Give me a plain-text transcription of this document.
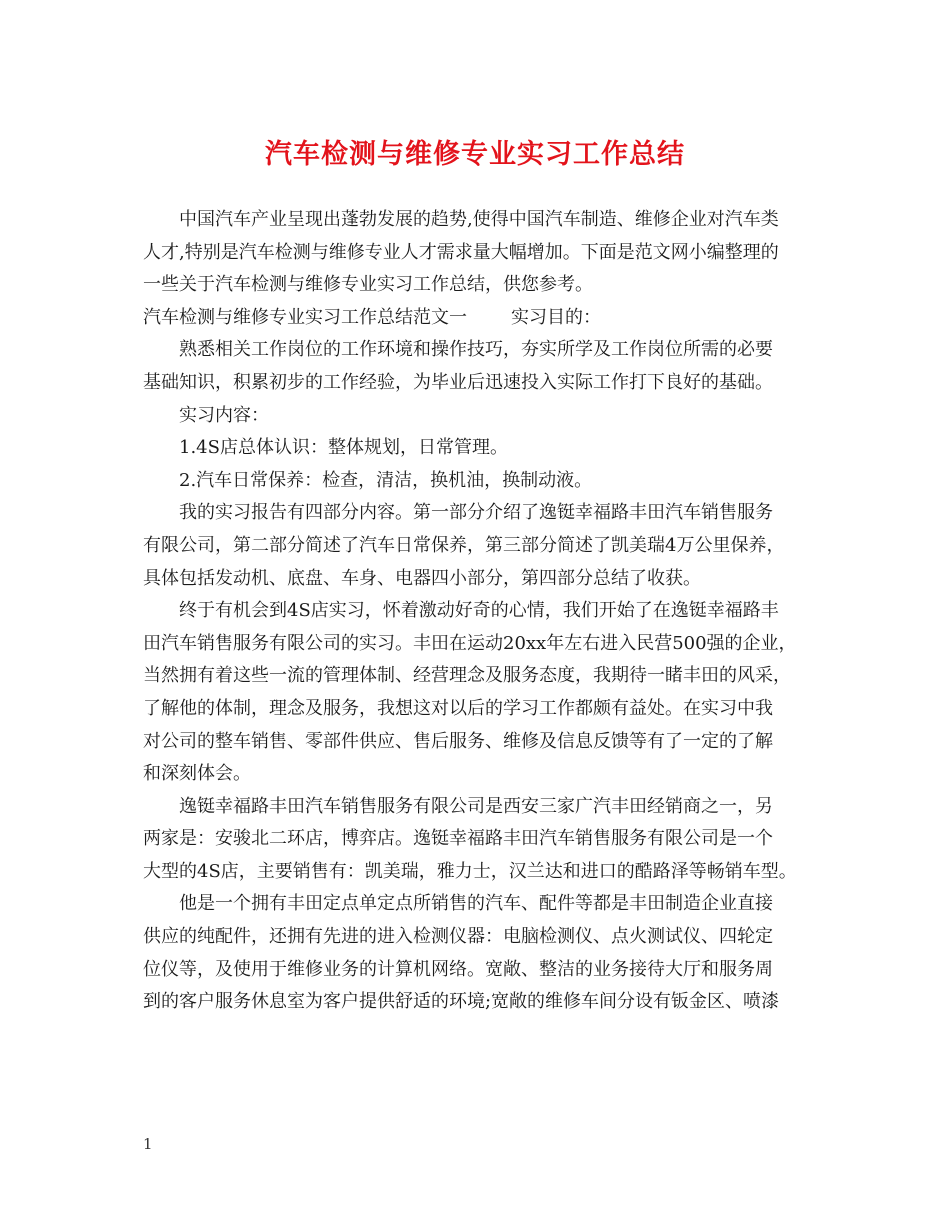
汽车检测与维修专业实习工作总结
中国汽车产业呈现出蓬勃发展的趋势,使得中国汽车制造、维修企业对汽车类
人才,特别是汽车检测与维修专业人才需求量大幅增加。下面是范文网小编整理的
一些关于汽车检测与维修专业实习工作总结，供您参考。
汽车检测与维修专业实习工作总结范文一 实习目的：
熟悉相关工作岗位的工作环境和操作技巧，夯实所学及工作岗位所需的必要
基础知识，积累初步的工作经验，为毕业后迅速投入实际工作打下良好的基础。
实习内容：
1.4S店总体认识：整体规划，日常管理。
2.汽车日常保养：检查，清洁，换机油，换制动液。
我的实习报告有四部分内容。第一部分介绍了逸铤幸福路丰田汽车销售服务
有限公司，第二部分简述了汽车日常保养，第三部分简述了凯美瑞4万公里保养，
具体包括发动机、底盘、车身、电器四小部分，第四部分总结了收获。
终于有机会到4S店实习，怀着激动好奇的心情，我们开始了在逸铤幸福路丰
田汽车销售服务有限公司的实习。丰田在运动20xx年左右进入民营500强的企业，
当然拥有着这些一流的管理体制、经营理念及服务态度，我期待一睹丰田的风采，
了解他的体制，理念及服务，我想这对以后的学习工作都颇有益处。在实习中我
对公司的整车销售、零部件供应、售后服务、维修及信息反馈等有了一定的了解
和深刻体会。
逸铤幸福路丰田汽车销售服务有限公司是西安三家广汽丰田经销商之一，另
两家是：安骏北二环店，博弈店。逸铤幸福路丰田汽车销售服务有限公司是一个
大型的4S店，主要销售有：凯美瑞，雅力士，汉兰达和进口的酷路泽等畅销车型。
他是一个拥有丰田定点单定点所销售的汽车、配件等都是丰田制造企业直接
供应的纯配件，还拥有先进的进入检测仪器：电脑检测仪、点火测试仪、四轮定
位仪等，及使用于维修业务的计算机网络。宽敞、整洁的业务接待大厅和服务周
到的客户服务休息室为客户提供舒适的环境;宽敞的维修车间分设有钣金区、喷漆
1
